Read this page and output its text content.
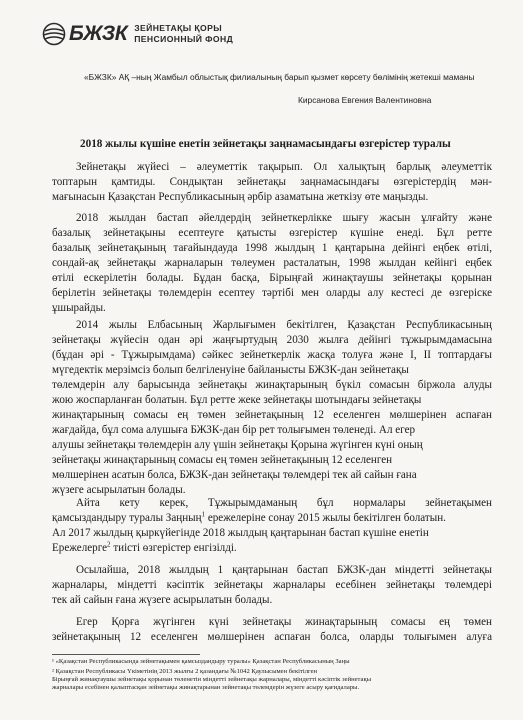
БЖЗК ЗЕЙНЕТАҚЫ ҚОРЫ
ПЕНСИОННЫЙ ФОНД
«БЖЗК» АҚ –ның Жамбыл облыстық филиалының барып қызмет көрсету бөлімінің жетекші маманы
Кирсанова Евгения Валентиновна
2018 жылы күшіне енетін зейнетақы заңнамасындағы өзгерістер туралы
Зейнетақы жүйесі – әлеуметтік тақырып. Ол халықтың барлық әлеуметтік
топтарын қамтиды. Сондықтан зейнетақы заңнамасындағы өзгерістердің мән-
мағынасын Қазақстан Республикасының әрбір азаматына жеткізу өте маңызды.
2018 жылдан бастап әйелдердің зейнеткерлікке шығу жасын ұлғайту және
базалық зейнетақыны есептеуге қатысты өзгерістер күшіне енеді. Бұл ретте
базалық зейнетақының тағайындауда 1998 жылдың 1 қаңтарына дейінгі еңбек өтілі,
сондай-ақ зейнетақы жарналарын төлеумен расталатын, 1998 жылдан кейінгі еңбек
өтілі ескерілетін болады. Бұдан басқа, Бірыңғай жинақтаушы зейнетақы қорынан
берілетін зейнетақы төлемдерін есептеу тәртібі мен оларды алу кестесі де өзгеріске
ұшырайды.
2014 жылы Елбасының Жарлығымен бекітілген, Қазақстан Республикасының
зейнетақы жүйесін одан әрі жаңғыртудың 2030 жылға дейінгі тұжырымдамасына
(бұдан әрі - Тұжырымдама) сәйкес зейнеткерлік жасқа толуға және I, II топтардағы
мүгедектік мерзімсіз болып белгіленуіне байланысты БЖЗК-дан зейнетақы
төлемдерін алу барысында зейнетақы жинақтарының бүкіл сомасын біржола алуды
жою жоспарланған болатын. Бұл ретте жеке зейнетақы шотындағы зейнетақы
жинақтарының сомасы ең төмен зейнетақының 12 еселенген мөлшерінен аспаған
жағдайда, бұл сома алушыға БЖЗК-дан бір рет толығымен төленеді. Ал егер
алушы зейнетақы төлемдерін алу үшін зейнетақы Қорына жүгінген күні оның
зейнетақы жинақтарының сомасы ең төмен зейнетақының 12 еселенген
мөлшерінен асатын болса, БЖЗК-дан зейнетақы төлемдері тек ай сайын ғана
жүзеге асырылатын болады.
Айта кету керек, Тұжырымдаманың бұл нормалары зейнетақымен
қамсыздандыру туралы Заңның$^1$ ережелеріне сонау 2015 жылы бекітілген болатын.
Ал 2017 жылдың қыркүйегінде 2018 жылдың қаңтарынан бастап күшіне енетін
Ережелерге$^2$ тиісті өзгерістер енгізілді.
Осылайша, 2018 жылдың 1 қаңтарынан бастап БЖЗК-дан міндетті зейнетақы
жарналары, міндетті кәсіптік зейнетақы жарналары есебінен зейнетақы төлемдері
тек ай сайын ғана жүзеге асырылатын болады.
Егер Қорға жүгінген күні зейнетақы жинақтарының сомасы ең төмен
зейнетақының 12 еселенген мөлшерінен аспаған болса, оларды толығымен алуға
¹ «Қазақстан Республикасында зейнетақымен қамсыздандыру туралы» Қазақстан Республикасының Заңы
² Қазақстан Республикасы Үкіметінің 2013 жылғы 2 қазандағы №1042 Қаулысымен бекітілген
Бірыңғай жинақтаушы зейнетақы қорынан төленетін міндетті зейнетақы жарналары, міндетті кәсіптік зейнетақы
жарналары есебінен қалыптасқан зейнетақы жинақтарынан зейнетақы төлемдерін жүзеге асыру қағидалары.
